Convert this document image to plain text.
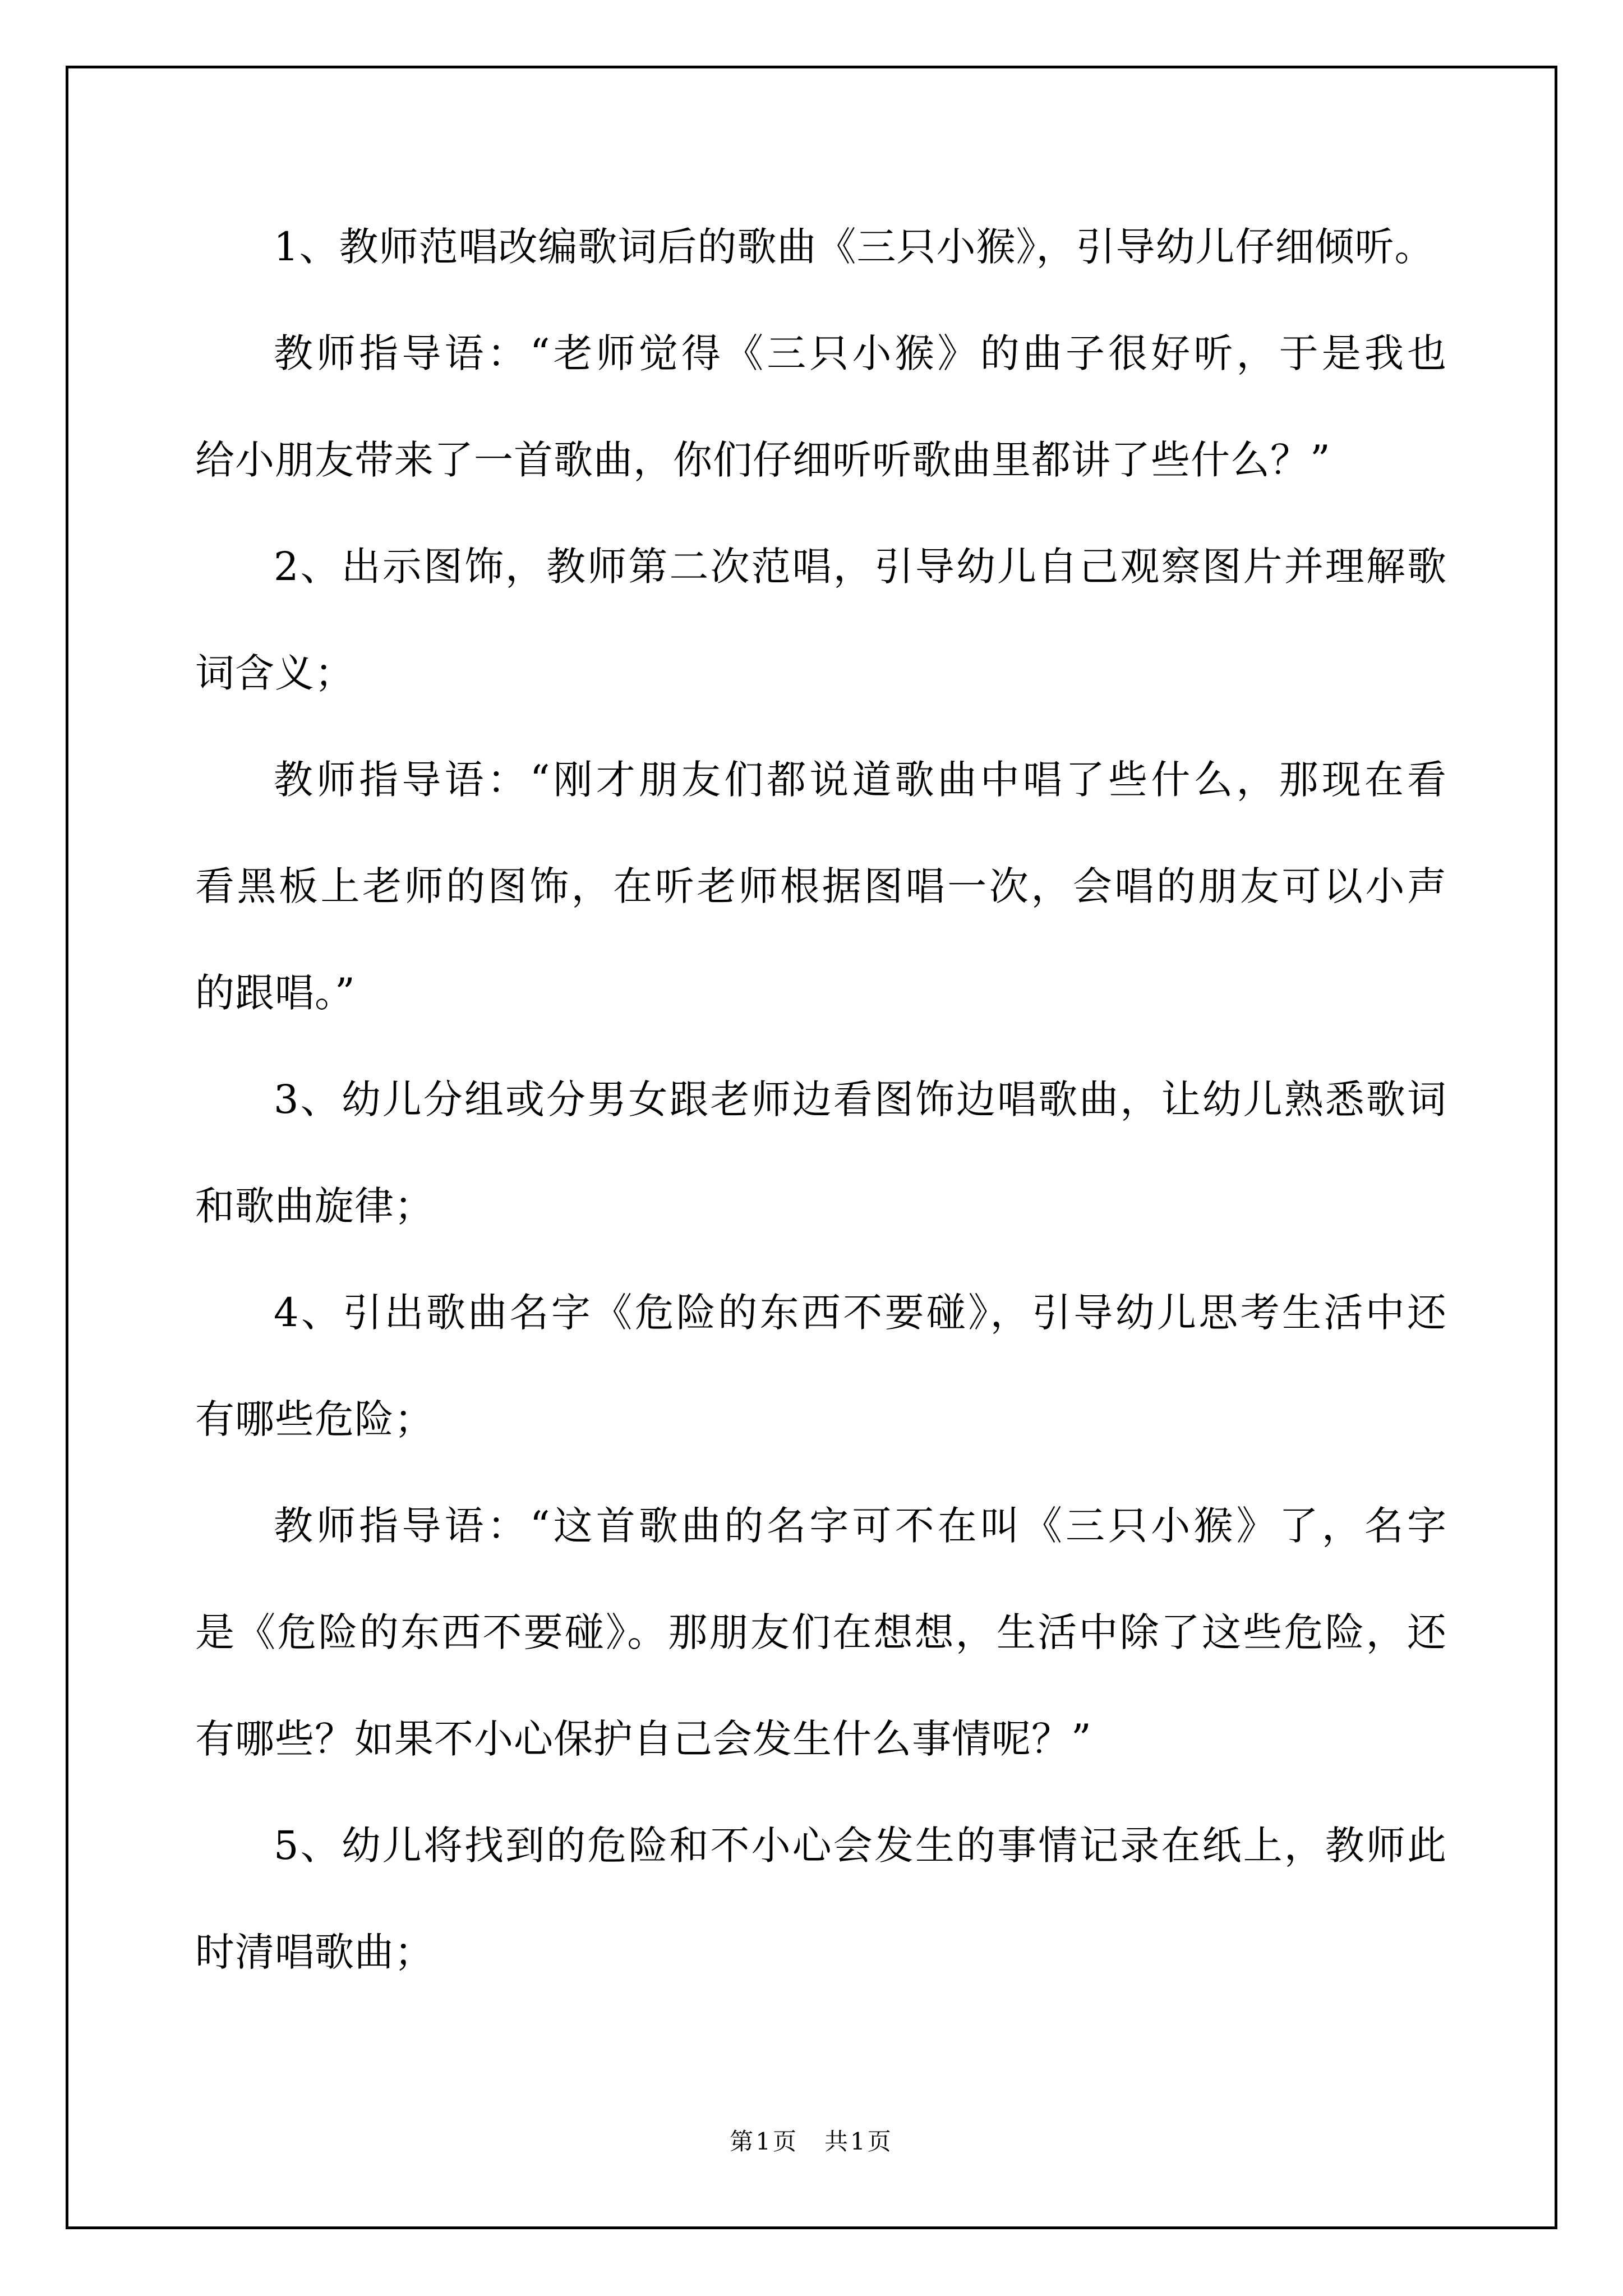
1、教师范唱改编歌词后的歌曲《三只小猴》，引导幼儿仔细倾听。
教师指导语：“老师觉得《三只小猴》的曲子很好听，于是我也
给小朋友带来了一首歌曲，你们仔细听听歌曲里都讲了些什么？”
2、出示图饰，教师第二次范唱，引导幼儿自己观察图片并理解歌
词含义；
教师指导语：“刚才朋友们都说道歌曲中唱了些什么，那现在看
看黑板上老师的图饰，在听老师根据图唱一次，会唱的朋友可以小声
的跟唱。”
3、幼儿分组或分男女跟老师边看图饰边唱歌曲，让幼儿熟悉歌词
和歌曲旋律；
4、引出歌曲名字《危险的东西不要碰》，引导幼儿思考生活中还
有哪些危险；
教师指导语：“这首歌曲的名字可不在叫《三只小猴》了，名字
是《危险的东西不要碰》。那朋友们在想想，生活中除了这些危险，还
有哪些？如果不小心保护自己会发生什么事情呢？”
5、幼儿将找到的危险和不小心会发生的事情记录在纸上，教师此
时清唱歌曲；
第1页　共1页
